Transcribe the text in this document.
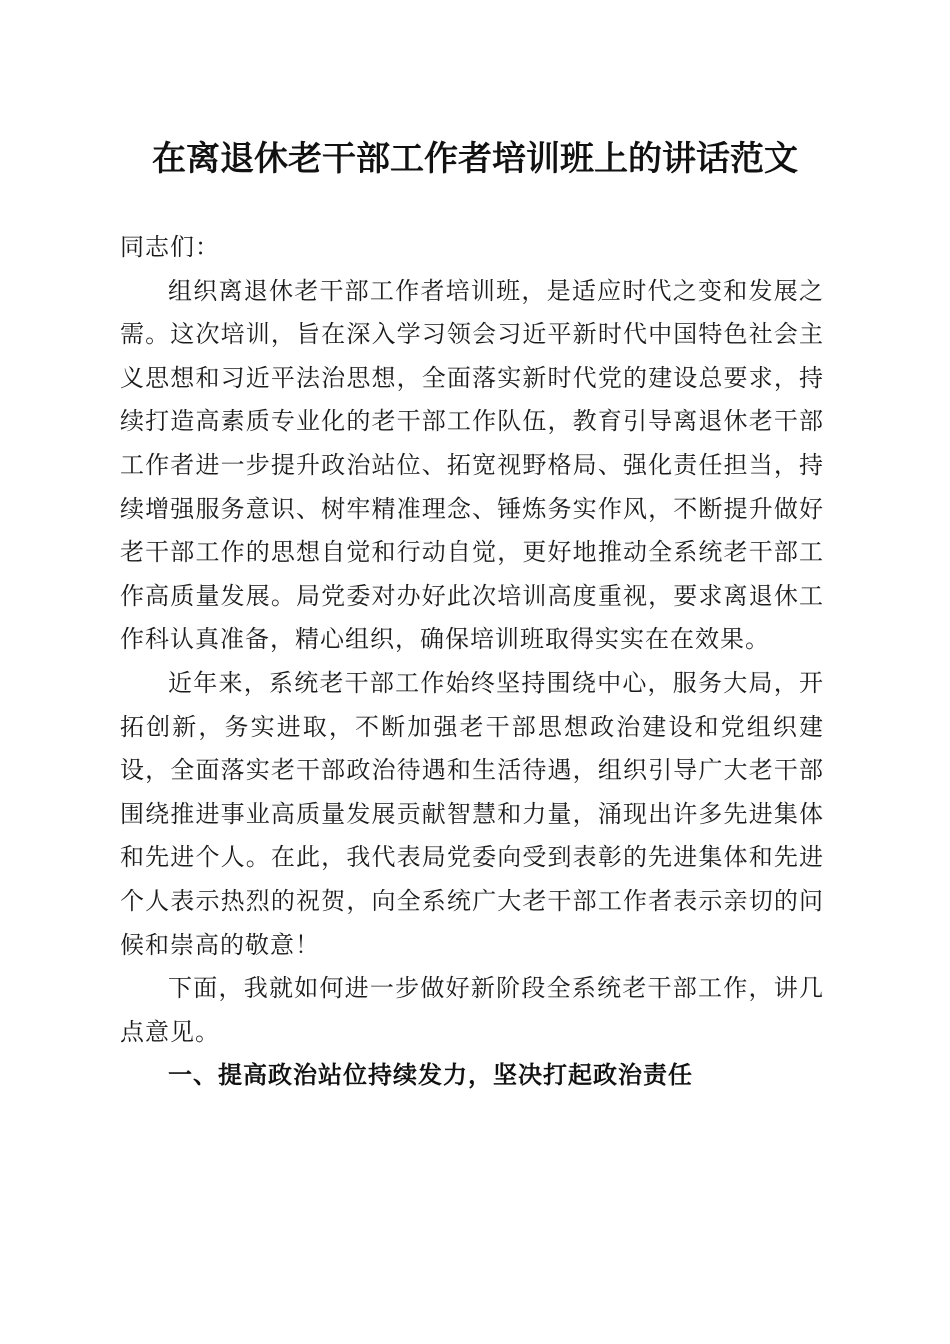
在离退休老干部工作者培训班上的讲话范文

同志们：

组织离退休老干部工作者培训班，是适应时代之变和发展之需。这次培训，旨在深入学习领会习近平新时代中国特色社会主义思想和习近平法治思想，全面落实新时代党的建设总要求，持续打造高素质专业化的老干部工作队伍，教育引导离退休老干部工作者进一步提升政治站位、拓宽视野格局、强化责任担当，持续增强服务意识、树牢精准理念、锤炼务实作风，不断提升做好老干部工作的思想自觉和行动自觉，更好地推动全系统老干部工作高质量发展。局党委对办好此次培训高度重视，要求离退休工作科认真准备，精心组织，确保培训班取得实实在在效果。

近年来，系统老干部工作始终坚持围绕中心，服务大局，开拓创新，务实进取，不断加强老干部思想政治建设和党组织建设，全面落实老干部政治待遇和生活待遇，组织引导广大老干部围绕推进事业高质量发展贡献智慧和力量，涌现出许多先进集体和先进个人。在此，我代表局党委向受到表彰的先进集体和先进个人表示热烈的祝贺，向全系统广大老干部工作者表示亲切的问候和崇高的敬意！

下面，我就如何进一步做好新阶段全系统老干部工作，讲几点意见。

一、提高政治站位持续发力，坚决打起政治责任
